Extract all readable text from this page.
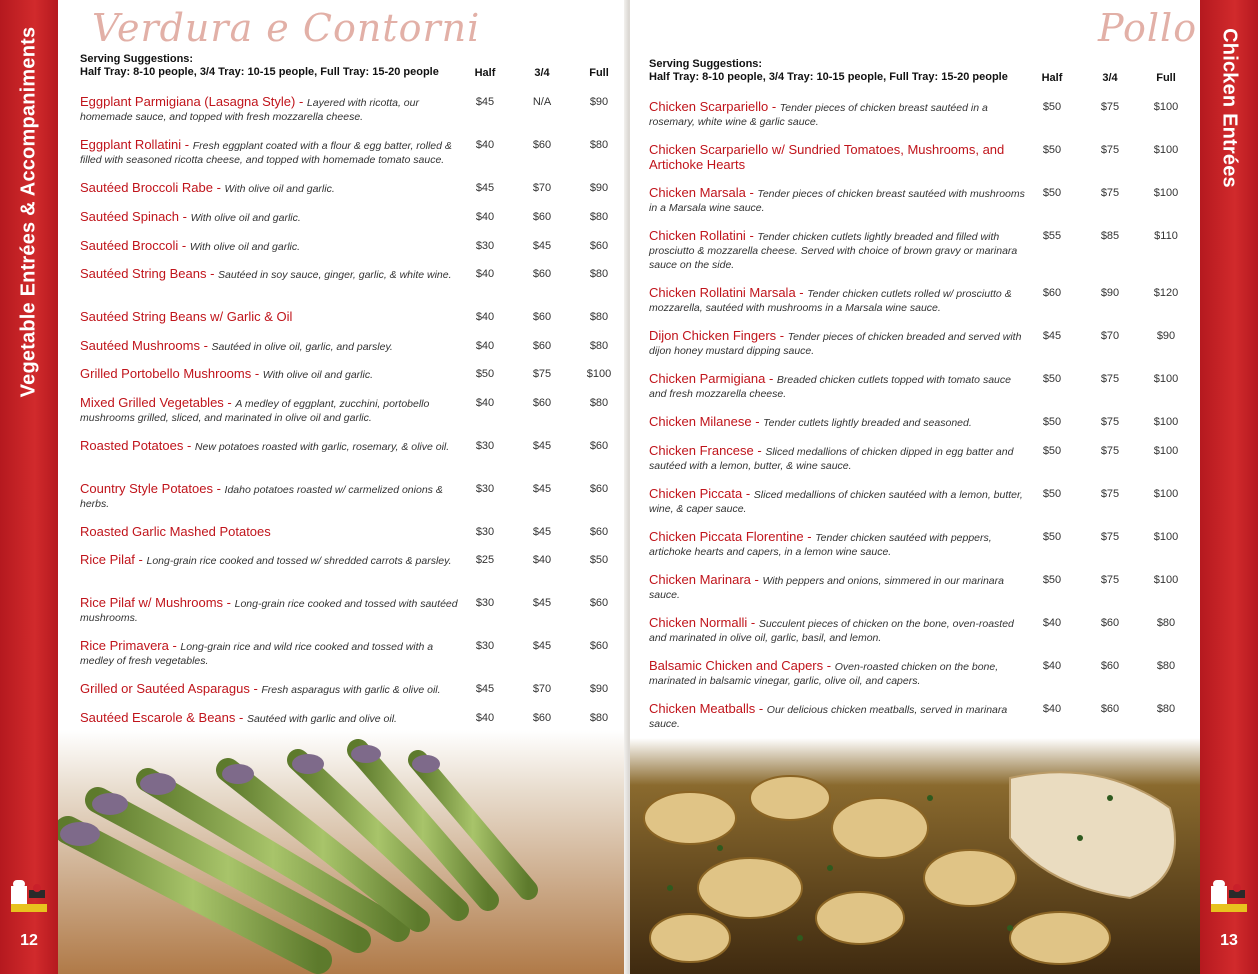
Vegetable Entrées & Accompaniments
12
Verdura e Contorni
Serving Suggestions:
Half Tray: 8-10 people, 3/4 Tray: 10-15 people, Full Tray: 15-20 people	Half	3/4	Full
Eggplant Parmigiana (Lasagna Style) - Layered with ricotta, our homemade sauce, and topped with fresh mozzarella cheese.
$45	N/A	$90
Eggplant Rollatini - Fresh eggplant coated with a flour & egg batter, rolled & filled with seasoned ricotta cheese, and topped with homemade tomato sauce.
$40	$60	$80
Sautéed Broccoli Rabe - With olive oil and garlic.	$45	$70	$90
Sautéed Spinach - With olive oil and garlic.	$40	$60	$80
Sautéed Broccoli - With olive oil and garlic.	$30	$45	$60
Sautéed String Beans - Sautéed in soy sauce, ginger, garlic, & white wine.	$40	$60	$80
Sautéed String Beans w/ Garlic & Oil	$40	$60	$80
Sautéed Mushrooms - Sautéed in olive oil, garlic, and parsley.	$40	$60	$80
Grilled Portobello Mushrooms - With olive oil and garlic.	$50	$75	$100
Mixed Grilled Vegetables - A medley of eggplant, zucchini, portobello mushrooms grilled, sliced, and marinated in olive oil and garlic.
$40	$60	$80
Roasted Potatoes - New potatoes roasted with garlic, rosemary, & olive oil.	$30	$45	$60
Country Style Potatoes - Idaho potatoes roasted w/ carmelized onions & herbs.
$30	$45	$60
Roasted Garlic Mashed Potatoes	$30	$45	$60
Rice Pilaf - Long-grain rice cooked and tossed w/ shredded carrots & parsley.	$25	$40	$50
Rice Pilaf w/ Mushrooms - Long-grain rice cooked and tossed with sautéed mushrooms.
$30	$45	$60
Rice Primavera - Long-grain rice and wild rice cooked and tossed with a medley of fresh vegetables.
$30	$45	$60
Grilled or Sautéed Asparagus - Fresh asparagus with garlic & olive oil.	$45	$70	$90
Sautéed Escarole & Beans - Sautéed with garlic and olive oil.	$40	$60	$80
Chicken Entrées
13
Pollo
Serving Suggestions:
Half Tray: 8-10 people, 3/4 Tray: 10-15 people, Full Tray: 15-20 people	Half	3/4	Full
Chicken Scarpariello - Tender pieces of chicken breast sautéed in a rosemary, white wine & garlic sauce.
$50	$75	$100
Chicken Scarpariello w/ Sundried Tomatoes, Mushrooms, and Artichoke Hearts
$50	$75	$100
Chicken Marsala - Tender pieces of chicken breast sautéed with mushrooms in a Marsala wine sauce.
$50	$75	$100
Chicken Rollatini - Tender chicken cutlets lightly breaded and filled with prosciutto & mozzarella cheese. Served with choice of brown gravy or marinara sauce on the side.
$55	$85	$110
Chicken Rollatini Marsala - Tender chicken cutlets rolled w/ prosciutto & mozzarella, sautéed with mushrooms in a Marsala wine sauce.
$60	$90	$120
Dijon Chicken Fingers - Tender pieces of chicken breaded and served with dijon honey mustard dipping sauce.
$45	$70	$90
Chicken Parmigiana - Breaded chicken cutlets topped with tomato sauce and fresh mozzarella cheese.
$50	$75	$100
Chicken Milanese - Tender cutlets lightly breaded and seasoned.	$50	$75	$100
Chicken Francese - Sliced medallions of chicken dipped in egg batter and sautéed with a lemon, butter, & wine sauce.
$50	$75	$100
Chicken Piccata - Sliced medallions of chicken sautéed with a lemon, butter, wine, & caper sauce.
$50	$75	$100
Chicken Piccata Florentine - Tender chicken sautéed with peppers, artichoke hearts and capers, in a lemon wine sauce.
$50	$75	$100
Chicken Marinara - With peppers and onions, simmered in our marinara sauce.
$50	$75	$100
Chicken Normalli - Succulent pieces of chicken on the bone, oven-roasted and marinated in olive oil, garlic, basil, and lemon.
$40	$60	$80
Balsamic Chicken and Capers - Oven-roasted chicken on the bone, marinated in balsamic vinegar, garlic, olive oil, and capers.
$40	$60	$80
Chicken Meatballs - Our delicious chicken meatballs, served in marinara sauce.
$40	$60	$80
